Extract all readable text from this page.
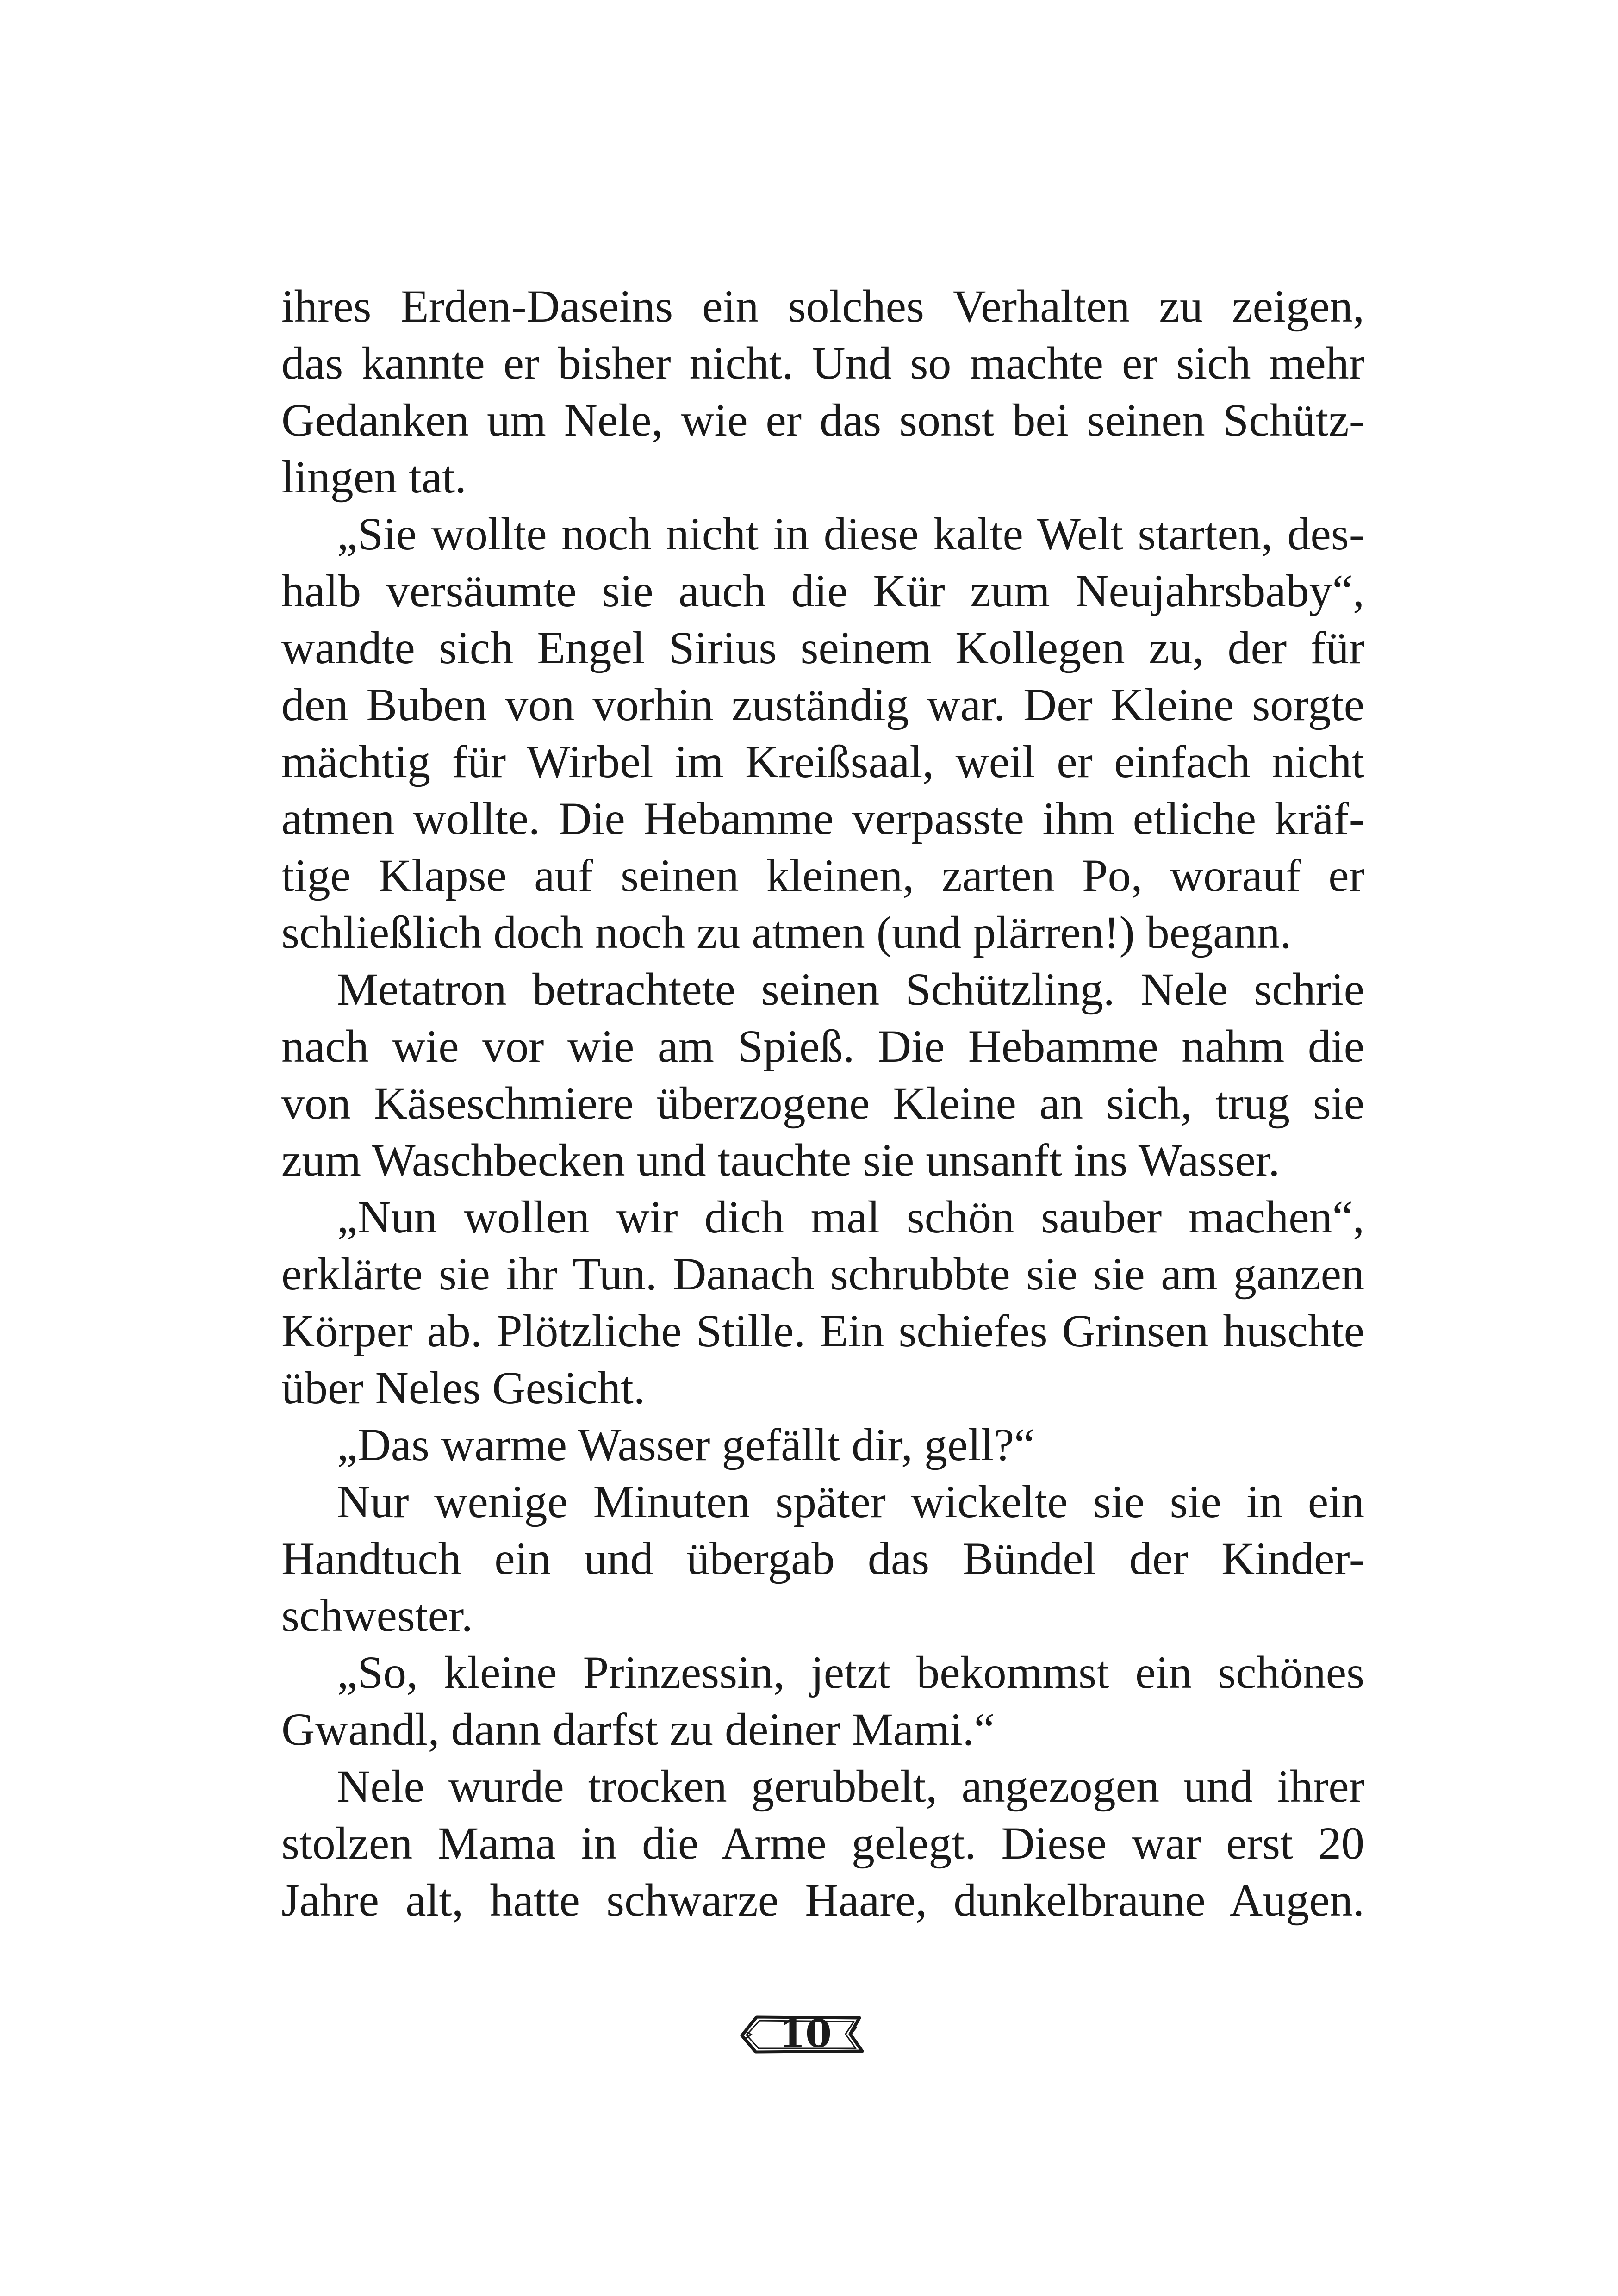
ihres Erden-Daseins ein solches Verhalten zu zeigen,
das kannte er bisher nicht. Und so machte er sich mehr
Gedanken um Nele, wie er das sonst bei seinen Schütz-
lingen tat.
„Sie wollte noch nicht in diese kalte Welt starten, des-
halb versäumte sie auch die Kür zum Neujahrsbaby“,
wandte sich Engel Sirius seinem Kollegen zu, der für
den Buben von vorhin zuständig war. Der Kleine sorgte
mächtig für Wirbel im Kreißsaal, weil er einfach nicht
atmen wollte. Die Hebamme verpasste ihm etliche kräf-
tige Klapse auf seinen kleinen, zarten Po, worauf er
schließlich doch noch zu atmen (und plärren!) begann.
Metatron betrachtete seinen Schützling. Nele schrie
nach wie vor wie am Spieß. Die Hebamme nahm die
von Käseschmiere überzogene Kleine an sich, trug sie
zum Waschbecken und tauchte sie unsanft ins Wasser.
„Nun wollen wir dich mal schön sauber machen“,
erklärte sie ihr Tun. Danach schrubbte sie sie am ganzen
Körper ab. Plötzliche Stille. Ein schiefes Grinsen huschte
über Neles Gesicht.
„Das warme Wasser gefällt dir, gell?“
Nur wenige Minuten später wickelte sie sie in ein
Handtuch ein und übergab das Bündel der Kinder-
schwester.
„So, kleine Prinzessin, jetzt bekommst ein schönes
Gwandl, dann darfst zu deiner Mami.“
Nele wurde trocken gerubbelt, angezogen und ihrer
stolzen Mama in die Arme gelegt. Diese war erst 20
Jahre alt, hatte schwarze Haare, dunkelbraune Augen.
10
